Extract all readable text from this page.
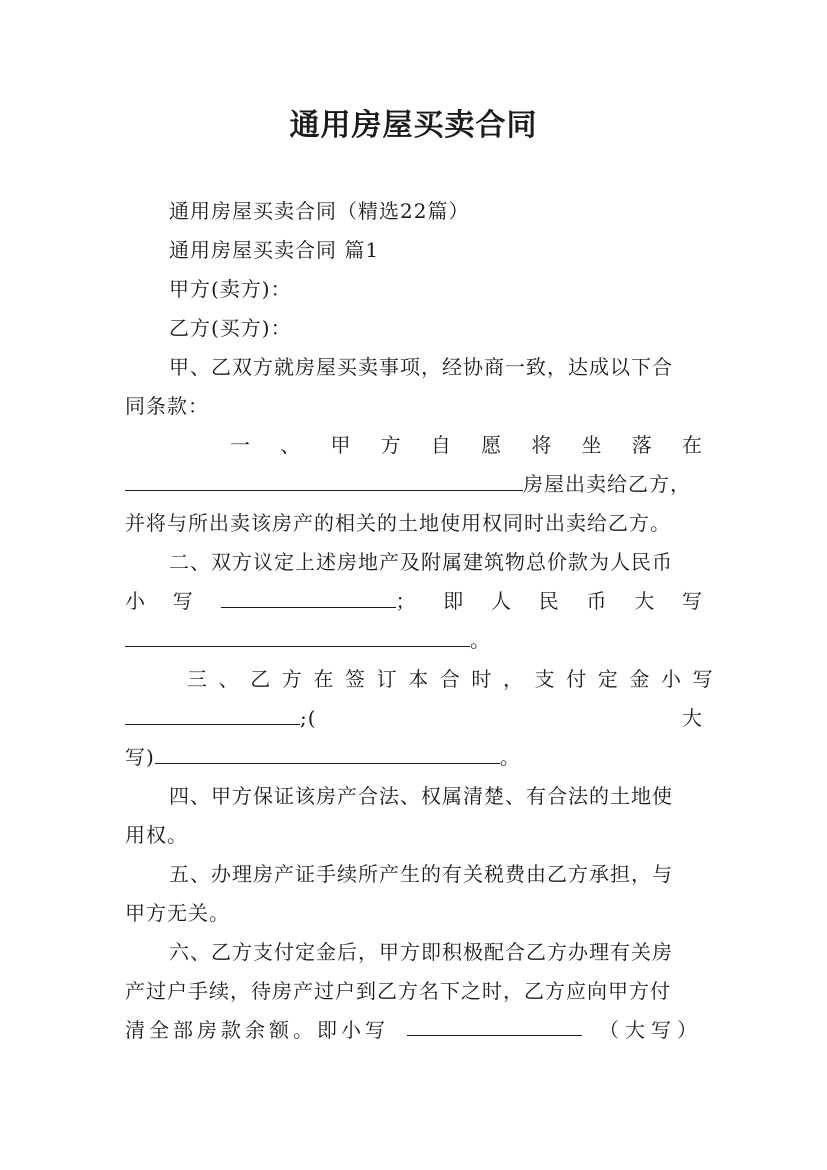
通用房屋买卖合同
通用房屋买卖合同（精选22篇）
通用房屋买卖合同 篇1
甲方(卖方)：
乙方(买方)：
甲、乙双方就房屋买卖事项，经协商一致，达成以下合
同条款：
一 、 甲 方 自 愿 将 坐 落 在
房屋出卖给乙方，
并将与所出卖该房产的相关的土地使用权同时出卖给乙方。
二、双方议定上述房地产及附属建筑物总价款为人民币
小 写	； 即 人 民 币 大 写
。
三、乙方在签订本合时，支付定金小写
;(	大
写)	。
四、甲方保证该房产合法、权属清楚、有合法的土地使
用权。
五、办理房产证手续所产生的有关税费由乙方承担，与
甲方无关。
六、乙方支付定金后，甲方即积极配合乙方办理有关房
产过户手续，待房产过户到乙方名下之时，乙方应向甲方付
清全部房款余额。即小写	（大写）
